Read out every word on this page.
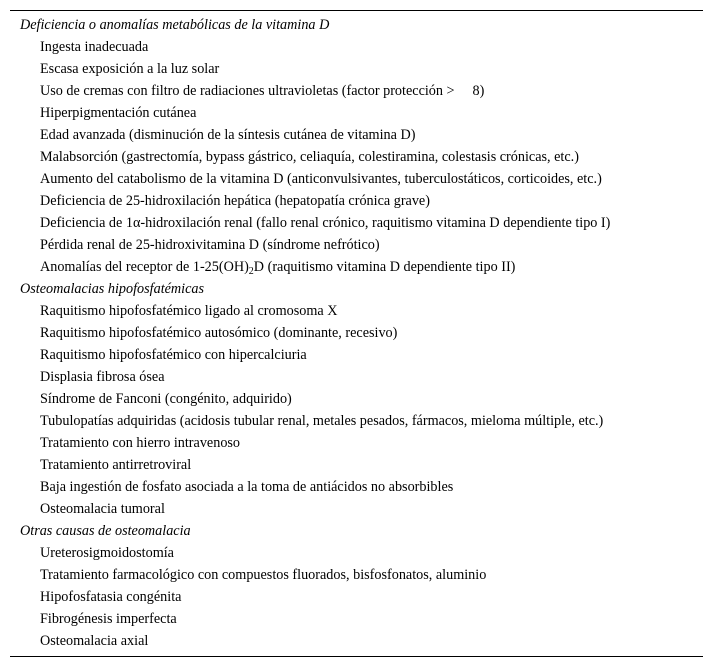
Deficiencia o anomalías metabólicas de la vitamina D
Ingesta inadecuada
Escasa exposición a la luz solar
Uso de cremas con filtro de radiaciones ultravioletas (factor protección > 8)
Hiperpigmentación cutánea
Edad avanzada (disminución de la síntesis cutánea de vitamina D)
Malabsorción (gastrectomía, bypass gástrico, celiaquía, colestiramina, colestasis crónicas, etc.)
Aumento del catabolismo de la vitamina D (anticonvulsivantes, tuberculostáticos, corticoides, etc.)
Deficiencia de 25-hidroxilación hepática (hepatopatía crónica grave)
Deficiencia de 1α-hidroxilación renal (fallo renal crónico, raquitismo vitamina D dependiente tipo I)
Pérdida renal de 25-hidroxivitamina D (síndrome nefrótico)
Anomalías del receptor de $1-25(OH)_2D$ (raquitismo vitamina D dependiente tipo II)
Osteomalacias hipofosfatémicas
Raquitismo hipofosfatémico ligado al cromosoma X
Raquitismo hipofosfatémico autosómico (dominante, recesivo)
Raquitismo hipofosfatémico con hipercalciuria
Displasia fibrosa ósea
Síndrome de Fanconi (congénito, adquirido)
Tubulopatías adquiridas (acidosis tubular renal, metales pesados, fármacos, mieloma múltiple, etc.)
Tratamiento con hierro intravenoso
Tratamiento antirretroviral
Baja ingestión de fosfato asociada a la toma de antiácidos no absorbibles
Osteomalacia tumoral
Otras causas de osteomalacia
Ureterosigmoidostomía
Tratamiento farmacológico con compuestos fluorados, bisfosfonatos, aluminio
Hipofosfatasia congénita
Fibrogénesis imperfecta
Osteomalacia axial
